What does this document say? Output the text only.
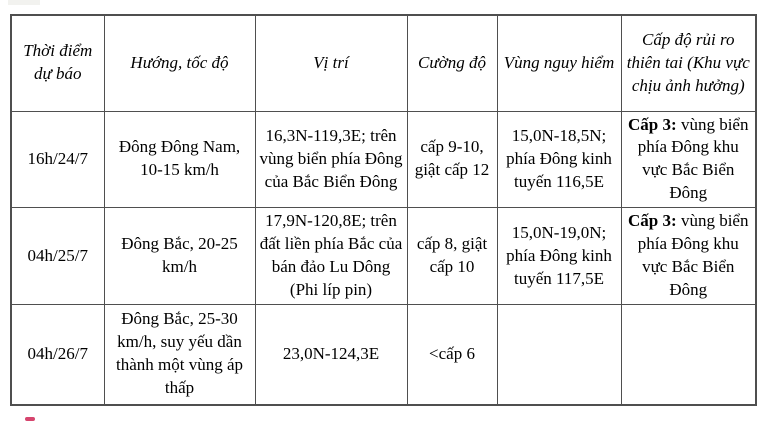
Thời điểm dự báo	Hướng, tốc độ	Vị trí	Cường độ	Vùng nguy hiểm	Cấp độ rủi ro thiên tai (Khu vực chịu ảnh hưởng)
16h/24/7	Đông Đông Nam, 10-15 km/h	16,3N-119,3E; trên vùng biển phía Đông của Bắc Biển Đông	cấp 9-10, giật cấp 12	15,0N-18,5N; phía Đông kinh tuyến 116,5E	Cấp 3: vùng biển phía Đông khu vực Bắc Biển Đông
04h/25/7	Đông Bắc, 20-25 km/h	17,9N-120,8E; trên đất liền phía Bắc của bán đảo Lu Dông (Phi líp pin)	cấp 8, giật cấp 10	15,0N-19,0N; phía Đông kinh tuyến 117,5E	Cấp 3: vùng biển phía Đông khu vực Bắc Biển Đông
04h/26/7	Đông Bắc, 25-30 km/h, suy yếu dần thành một vùng áp thấp	23,0N-124,3E	<cấp 6		
